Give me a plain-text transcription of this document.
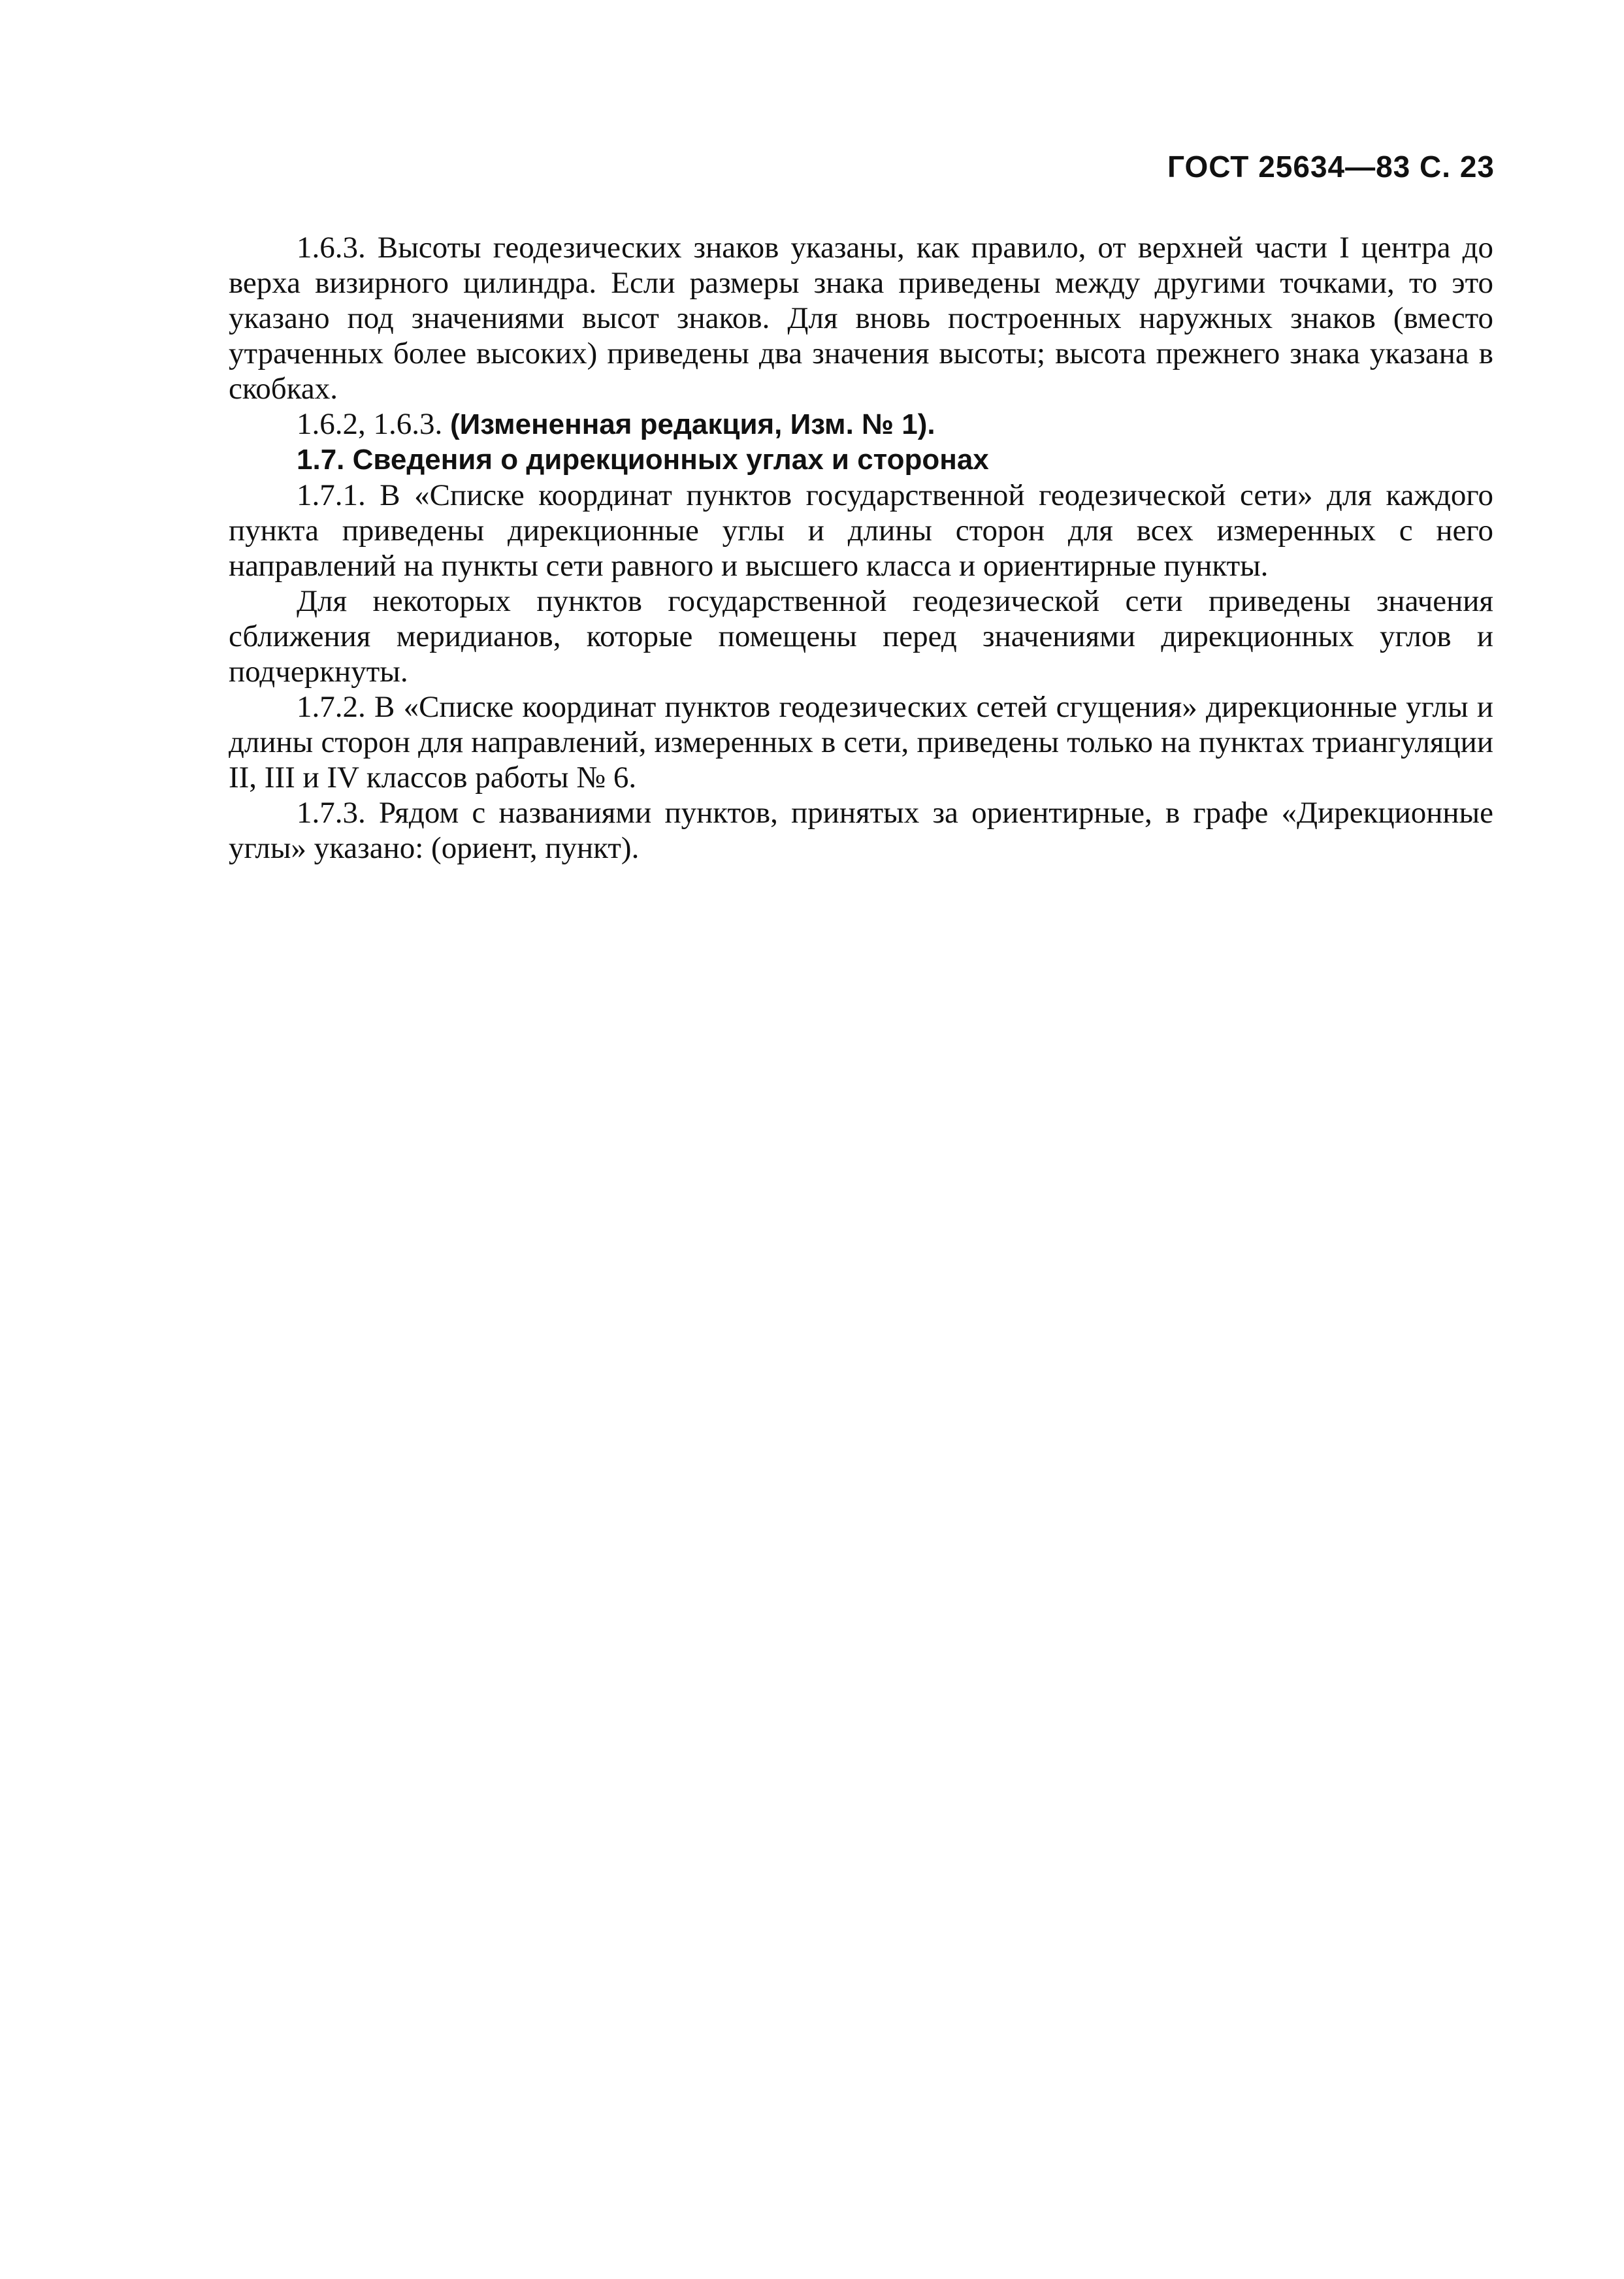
ГОСТ 25634—83 С. 23

1.6.3. Высоты геодезических знаков указаны, как правило, от верхней части I центра до верха визирного цилиндра. Если размеры знака приведены между другими точками, то это указано под значениями высот знаков. Для вновь построенных наружных знаков (вместо утраченных более высоких) приведены два значения высоты; высота прежнего знака указана в скобках.

1.6.2, 1.6.3. (Измененная редакция, Изм. № 1).

1.7. Сведения о дирекционных углах и сторонах

1.7.1. В «Списке координат пунктов государственной геодезической сети» для каждого пункта приведены дирекционные углы и длины сторон для всех измеренных с него направлений на пункты сети равного и высшего класса и ориентирные пункты.

Для некоторых пунктов государственной геодезической сети приведены значения сближения меридианов, которые помещены перед значениями дирекционных углов и подчеркнуты.

1.7.2. В «Списке координат пунктов геодезических сетей сгущения» дирекционные углы и длины сторон для направлений, измеренных в сети, приведены только на пунктах триангуляции II, III и IV классов работы № 6.

1.7.3. Рядом с названиями пунктов, принятых за ориентирные, в графе «Дирекционные углы» указано: (ориент, пункт).
